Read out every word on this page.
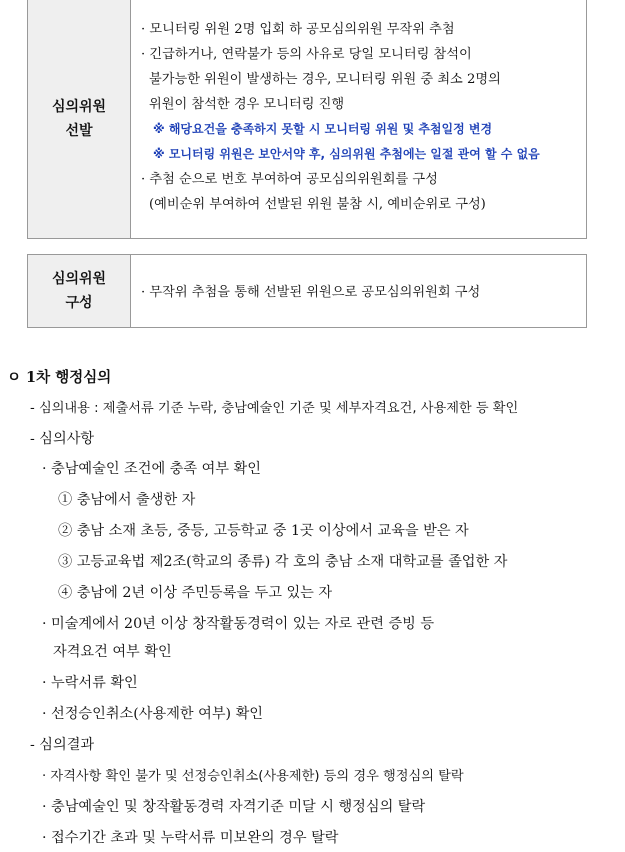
심의위원
선발
· 모니터링 위원 2명 입회 하 공모심의위원 무작위 추첨
· 긴급하거나, 연락불가 등의 사유로 당일 모니터링 참석이
불가능한 위원이 발생하는 경우, 모니터링 위원 중 최소 2명의
위원이 참석한 경우 모니터링 진행
※ 해당요건을 충족하지 못할 시 모니터링 위원 및 추첨일정 변경
※ 모니터링 위원은 보안서약 후, 심의위원 추첨에는 일절 관여 할 수 없음
· 추첨 순으로 번호 부여하여 공모심의위원회를 구성
(예비순위 부여하여 선발된 위원 불참 시, 예비순위로 구성)
심의위원
구성
· 무작위 추첨을 통해 선발된 위원으로 공모심의위원회 구성
ㅇ 1차 행정심의
- 심의내용 : 제출서류 기준 누락, 충남예술인 기준 및 세부자격요건, 사용제한 등 확인
- 심의사항
· 충남예술인 조건에 충족 여부 확인
① 충남에서 출생한 자
② 충남 소재 초등, 중등, 고등학교 중 1곳 이상에서 교육을 받은 자
③ 고등교육법 제2조(학교의 종류) 각 호의 충남 소재 대학교를 졸업한 자
④ 충남에 2년 이상 주민등록을 두고 있는 자
· 미술계에서 20년 이상 창작활동경력이 있는 자로 관련 증빙 등
자격요건 여부 확인
· 누락서류 확인
· 선정승인취소(사용제한 여부) 확인
- 심의결과
· 자격사항 확인 불가 및 선정승인취소(사용제한) 등의 경우 행정심의 탈락
· 충남예술인 및 창작활동경력 자격기준 미달 시 행정심의 탈락
· 접수기간 초과 및 누락서류 미보완의 경우 탈락
